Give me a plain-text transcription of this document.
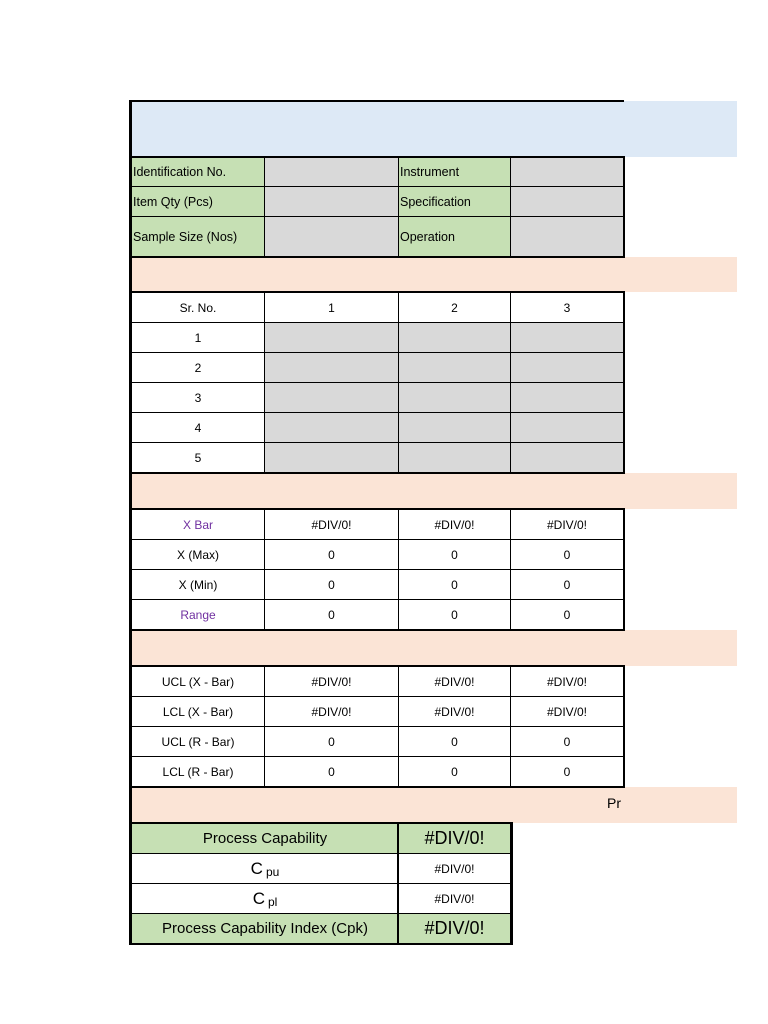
Identification No.	Instrument
Item Qty (Pcs)	Specification
Sample Size (Nos)	Operation
Sr. No.	1	2	3
1
2
3
4
5
X Bar	#DIV/0!	#DIV/0!	#DIV/0!
X (Max)	0	0	0
X (Min)	0	0	0
Range	0	0	0
UCL (X - Bar)	#DIV/0!	#DIV/0!	#DIV/0!
LCL (X - Bar)	#DIV/0!	#DIV/0!	#DIV/0!
UCL (R - Bar)	0	0	0
LCL (R - Bar)	0	0	0
Pr
Process Capability	#DIV/0!
C pu	#DIV/0!
C pl	#DIV/0!
Process Capability Index (Cpk)	#DIV/0!
